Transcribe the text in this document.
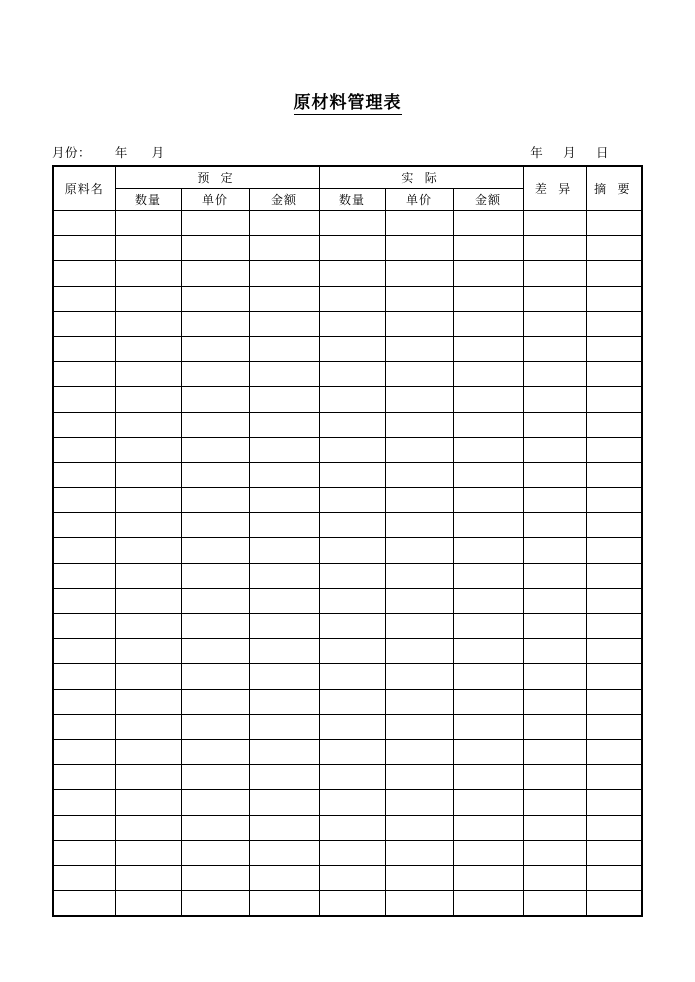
原材料管理表
月份：      年      月	年     月     日
原料名	预 定			实 际			差 异	摘 要
	数量	单价	金额	数量	单价	金额		
